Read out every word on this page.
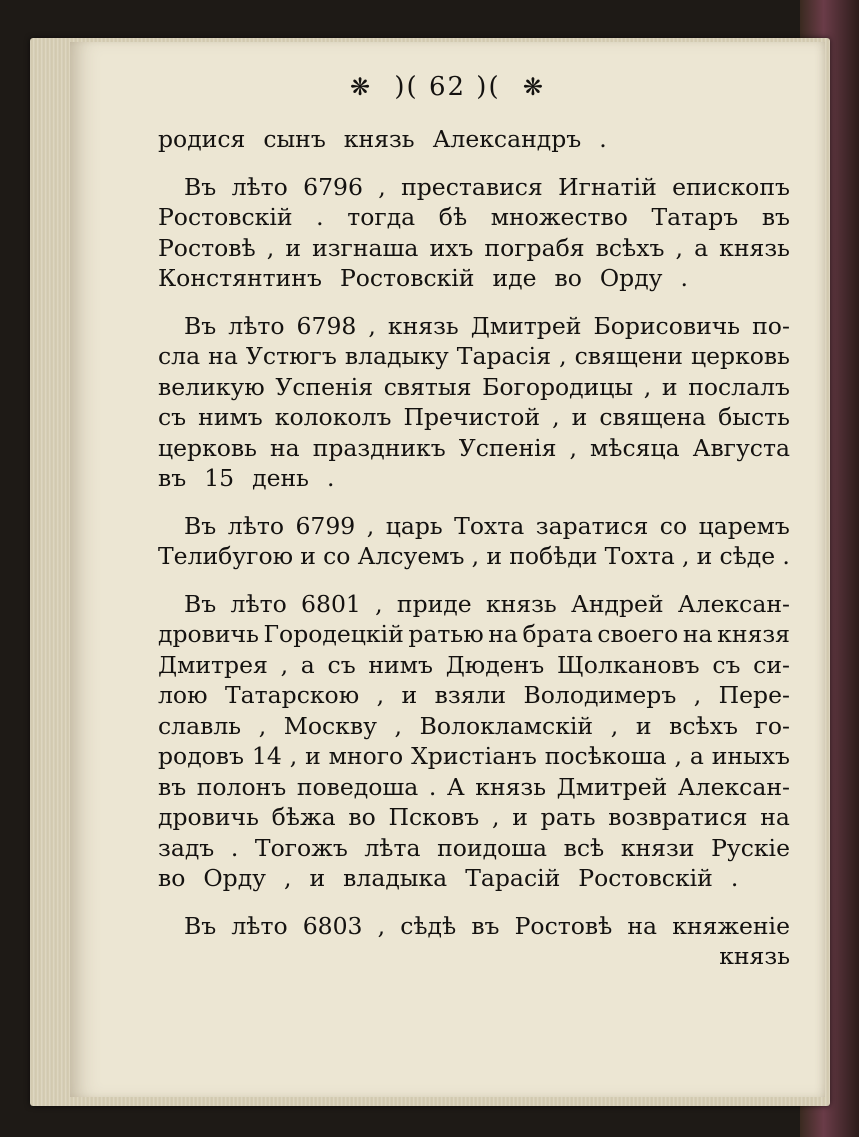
❋ )( 62 )( ❋
родися сынъ князь Александръ .
Въ лѣто 6796 , преставися Игнатій епископъ
Ростовскій . тогда бѣ множество Татаръ въ
Ростовѣ , и изгнаша ихъ пограбя всѣхъ , а князь
Констянтинъ Ростовскій иде во Орду .
Въ лѣто 6798 , князь Дмитрей Борисовичь по-
сла на Устюгъ владыку Тарасія , священи церковь
великую Успенія святыя Богородицы , и послалъ
съ нимъ колоколъ Пречистой , и священа бысть
церковь на праздникъ Успенія , мѣсяца Августа
въ 15 день .
Въ лѣто 6799 , царь Тохта заратися со царемъ
Телибугою и со Алсуемъ , и побѣди Тохта , и сѣде .
Въ лѣто 6801 , приде князь Андрей Алексан-
дровичь Городецкій ратью на брата своего на князя
Дмитрея , а съ нимъ Дюденъ Щолкановъ съ си-
лою Татарскою , и взяли Володимеръ , Пере-
славль , Москву , Волокламскій , и всѣхъ го-
родовъ 14 , и много Христіанъ посѣкоша , а иныхъ
въ полонъ поведоша . А князь Дмитрей Алексан-
дровичь бѣжа во Псковъ , и рать возвратися на
задъ . Тогожъ лѣта поидоша всѣ князи Рускіе
во Орду , и владыка Тарасій Ростовскій .
Въ лѣто 6803 , сѣдѣ въ Ростовѣ на княженіе
князь
